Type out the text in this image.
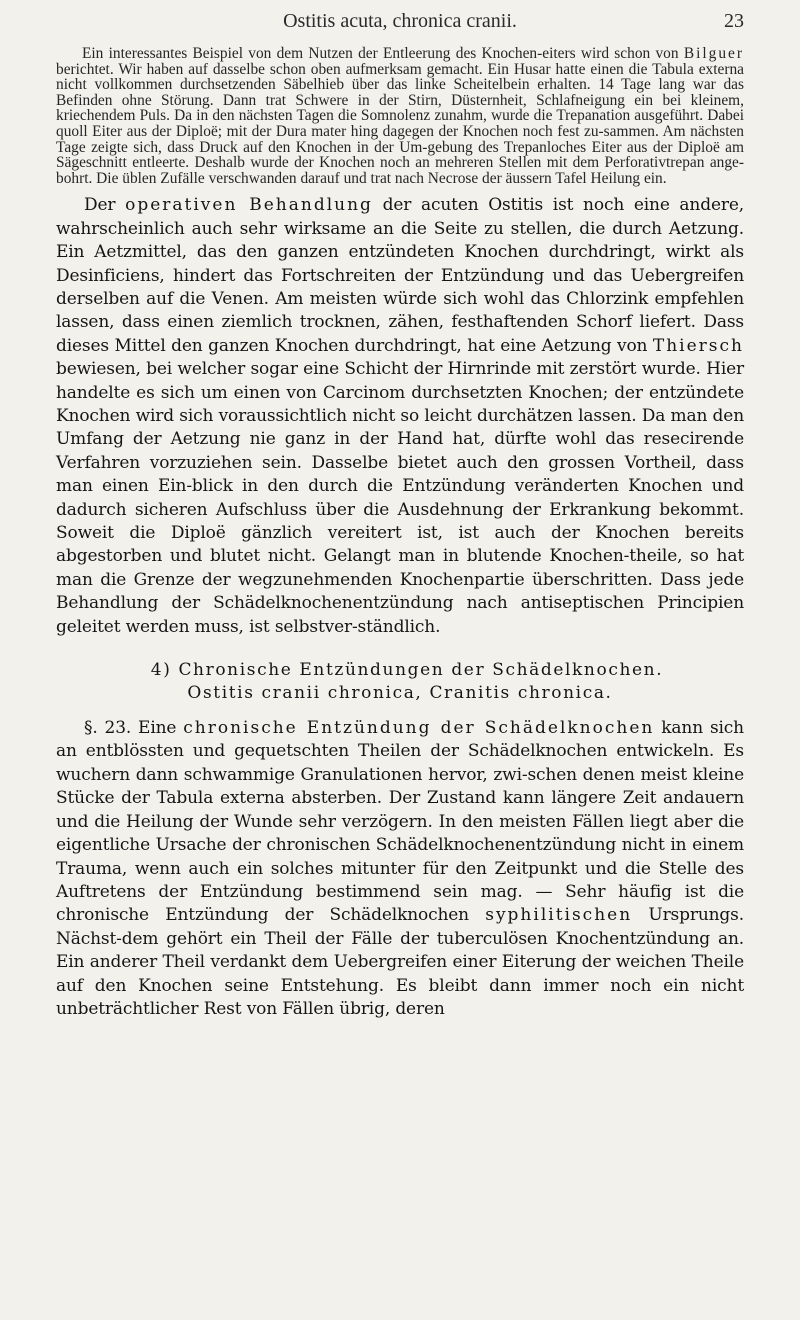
Ostitis acuta, chronica cranii.	23

Ein interessantes Beispiel von dem Nutzen der Entleerung des Knochen-eiters wird schon von Bilguer berichtet. Wir haben auf dasselbe schon oben aufmerksam gemacht. Ein Husar hatte einen die Tabula externa nicht vollkommen durchsetzenden Säbelhieb über das linke Scheitelbein erhalten. 14 Tage lang war das Befinden ohne Störung. Dann trat Schwere in der Stirn, Düsternheit, Schlafneigung ein bei kleinem, kriechendem Puls. Da in den nächsten Tagen die Somnolenz zunahm, wurde die Trepanation ausgeführt. Dabei quoll Eiter aus der Diploë; mit der Dura mater hing dagegen der Knochen noch fest zu-sammen. Am nächsten Tage zeigte sich, dass Druck auf den Knochen in der Um-gebung des Trepanloches Eiter aus der Diploë am Sägeschnitt entleerte. Deshalb wurde der Knochen noch an mehreren Stellen mit dem Perforativtrepan ange-bohrt. Die üblen Zufälle verschwanden darauf und trat nach Necrose der äussern Tafel Heilung ein.

Der operativen Behandlung der acuten Ostitis ist noch eine andere, wahrscheinlich auch sehr wirksame an die Seite zu stellen, die durch Aetzung. Ein Aetzmittel, das den ganzen entzündeten Knochen durchdringt, wirkt als Desinficiens, hindert das Fortschreiten der Entzündung und das Uebergreifen derselben auf die Venen. Am meisten würde sich wohl das Chlorzink empfehlen lassen, dass einen ziemlich trocknen, zähen, festhaftenden Schorf liefert. Dass dieses Mittel den ganzen Knochen durchdringt, hat eine Aetzung von Thiersch bewiesen, bei welcher sogar eine Schicht der Hirnrinde mit zerstört wurde. Hier handelte es sich um einen von Carcinom durchsetzten Knochen; der entzündete Knochen wird sich voraussichtlich nicht so leicht durchätzen lassen. Da man den Umfang der Aetzung nie ganz in der Hand hat, dürfte wohl das resecirende Verfahren vorzuziehen sein. Dasselbe bietet auch den grossen Vortheil, dass man einen Ein-blick in den durch die Entzündung veränderten Knochen und dadurch sicheren Aufschluss über die Ausdehnung der Erkrankung bekommt. Soweit die Diploë gänzlich vereitert ist, ist auch der Knochen bereits abgestorben und blutet nicht. Gelangt man in blutende Knochen-theile, so hat man die Grenze der wegzunehmenden Knochenpartie überschritten. Dass jede Behandlung der Schädelknochenentzündung nach antiseptischen Principien geleitet werden muss, ist selbstver-ständlich.

4) Chronische Entzündungen der Schädelknochen.
Ostitis cranii chronica, Cranitis chronica.

§. 23. Eine chronische Entzündung der Schädelknochen kann sich an entblössten und gequetschten Theilen der Schädelknochen entwickeln. Es wuchern dann schwammige Granulationen hervor, zwi-schen denen meist kleine Stücke der Tabula externa absterben. Der Zustand kann längere Zeit andauern und die Heilung der Wunde sehr verzögern. In den meisten Fällen liegt aber die eigentliche Ursache der chronischen Schädelknochenentzündung nicht in einem Trauma, wenn auch ein solches mitunter für den Zeitpunkt und die Stelle des Auftretens der Entzündung bestimmend sein mag. — Sehr häufig ist die chronische Entzündung der Schädelknochen syphilitischen Ursprungs. Nächst-dem gehört ein Theil der Fälle der tuberculösen Knochentzündung an. Ein anderer Theil verdankt dem Uebergreifen einer Eiterung der weichen Theile auf den Knochen seine Entstehung. Es bleibt dann immer noch ein nicht unbeträchtlicher Rest von Fällen übrig, deren
